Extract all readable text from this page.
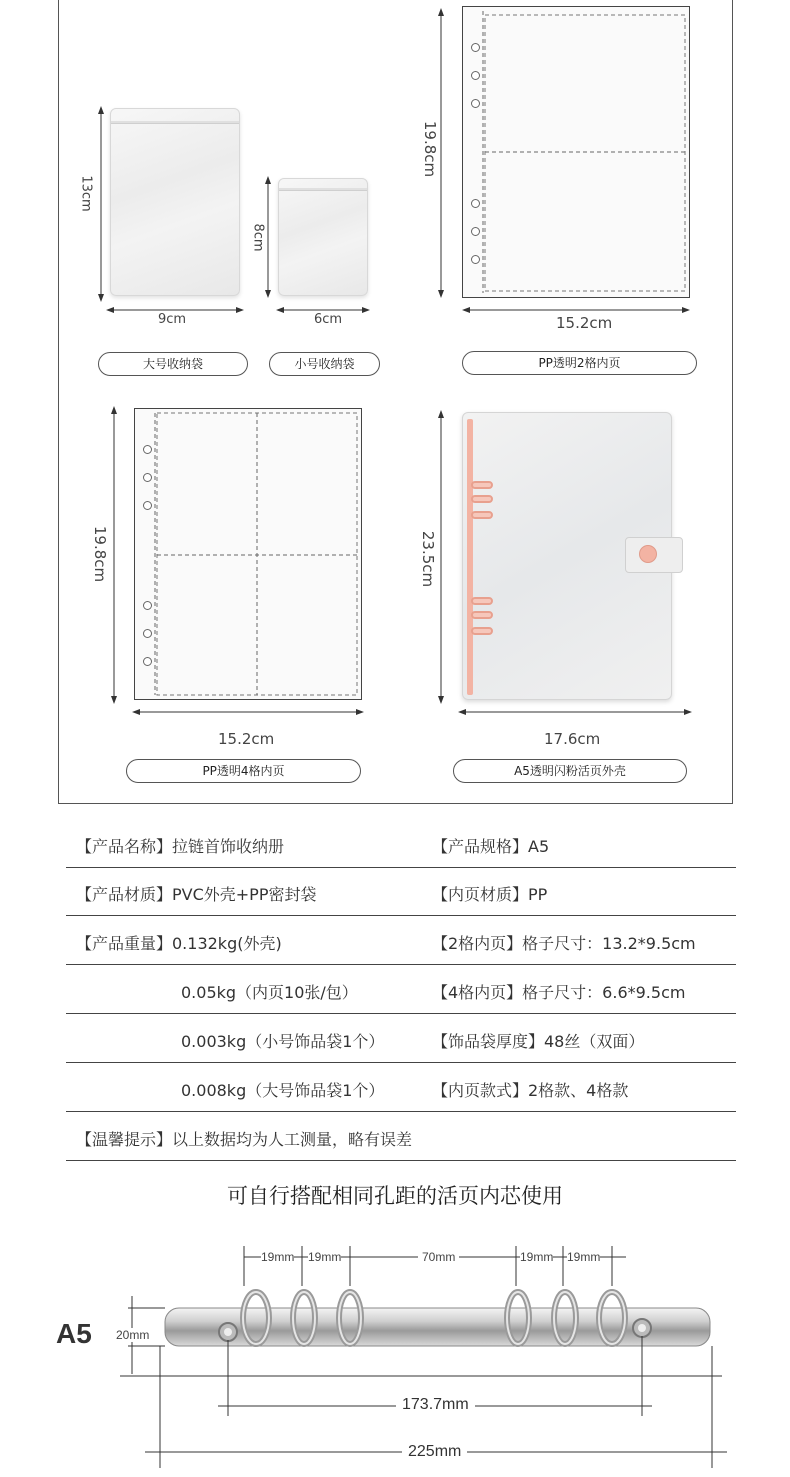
13cm
9cm
大号收纳袋
8cm
6cm
小号收纳袋
19.8cm
15.2cm
PP透明2格内页
19.8cm
15.2cm
PP透明4格内页
23.5cm
17.6cm
A5透明闪粉活页外壳
【产品名称】拉链首饰收纳册	【产品规格】A5
【产品材质】PVC外壳+PP密封袋	【内页材质】PP
【产品重量】0.132kg(外壳)	【2格内页】格子尺寸：13.2*9.5cm
0.05kg（内页10张/包）	【4格内页】格子尺寸：6.6*9.5cm
0.003kg（小号饰品袋1个）	【饰品袋厚度】48丝（双面）
0.008kg（大号饰品袋1个）	【内页款式】2格款、4格款
【温馨提示】以上数据均为人工测量，略有误差
可自行搭配相同孔距的活页内芯使用
A5
19mm 19mm	70mm	19mm 19mm
20mm
173.7mm
225mm
